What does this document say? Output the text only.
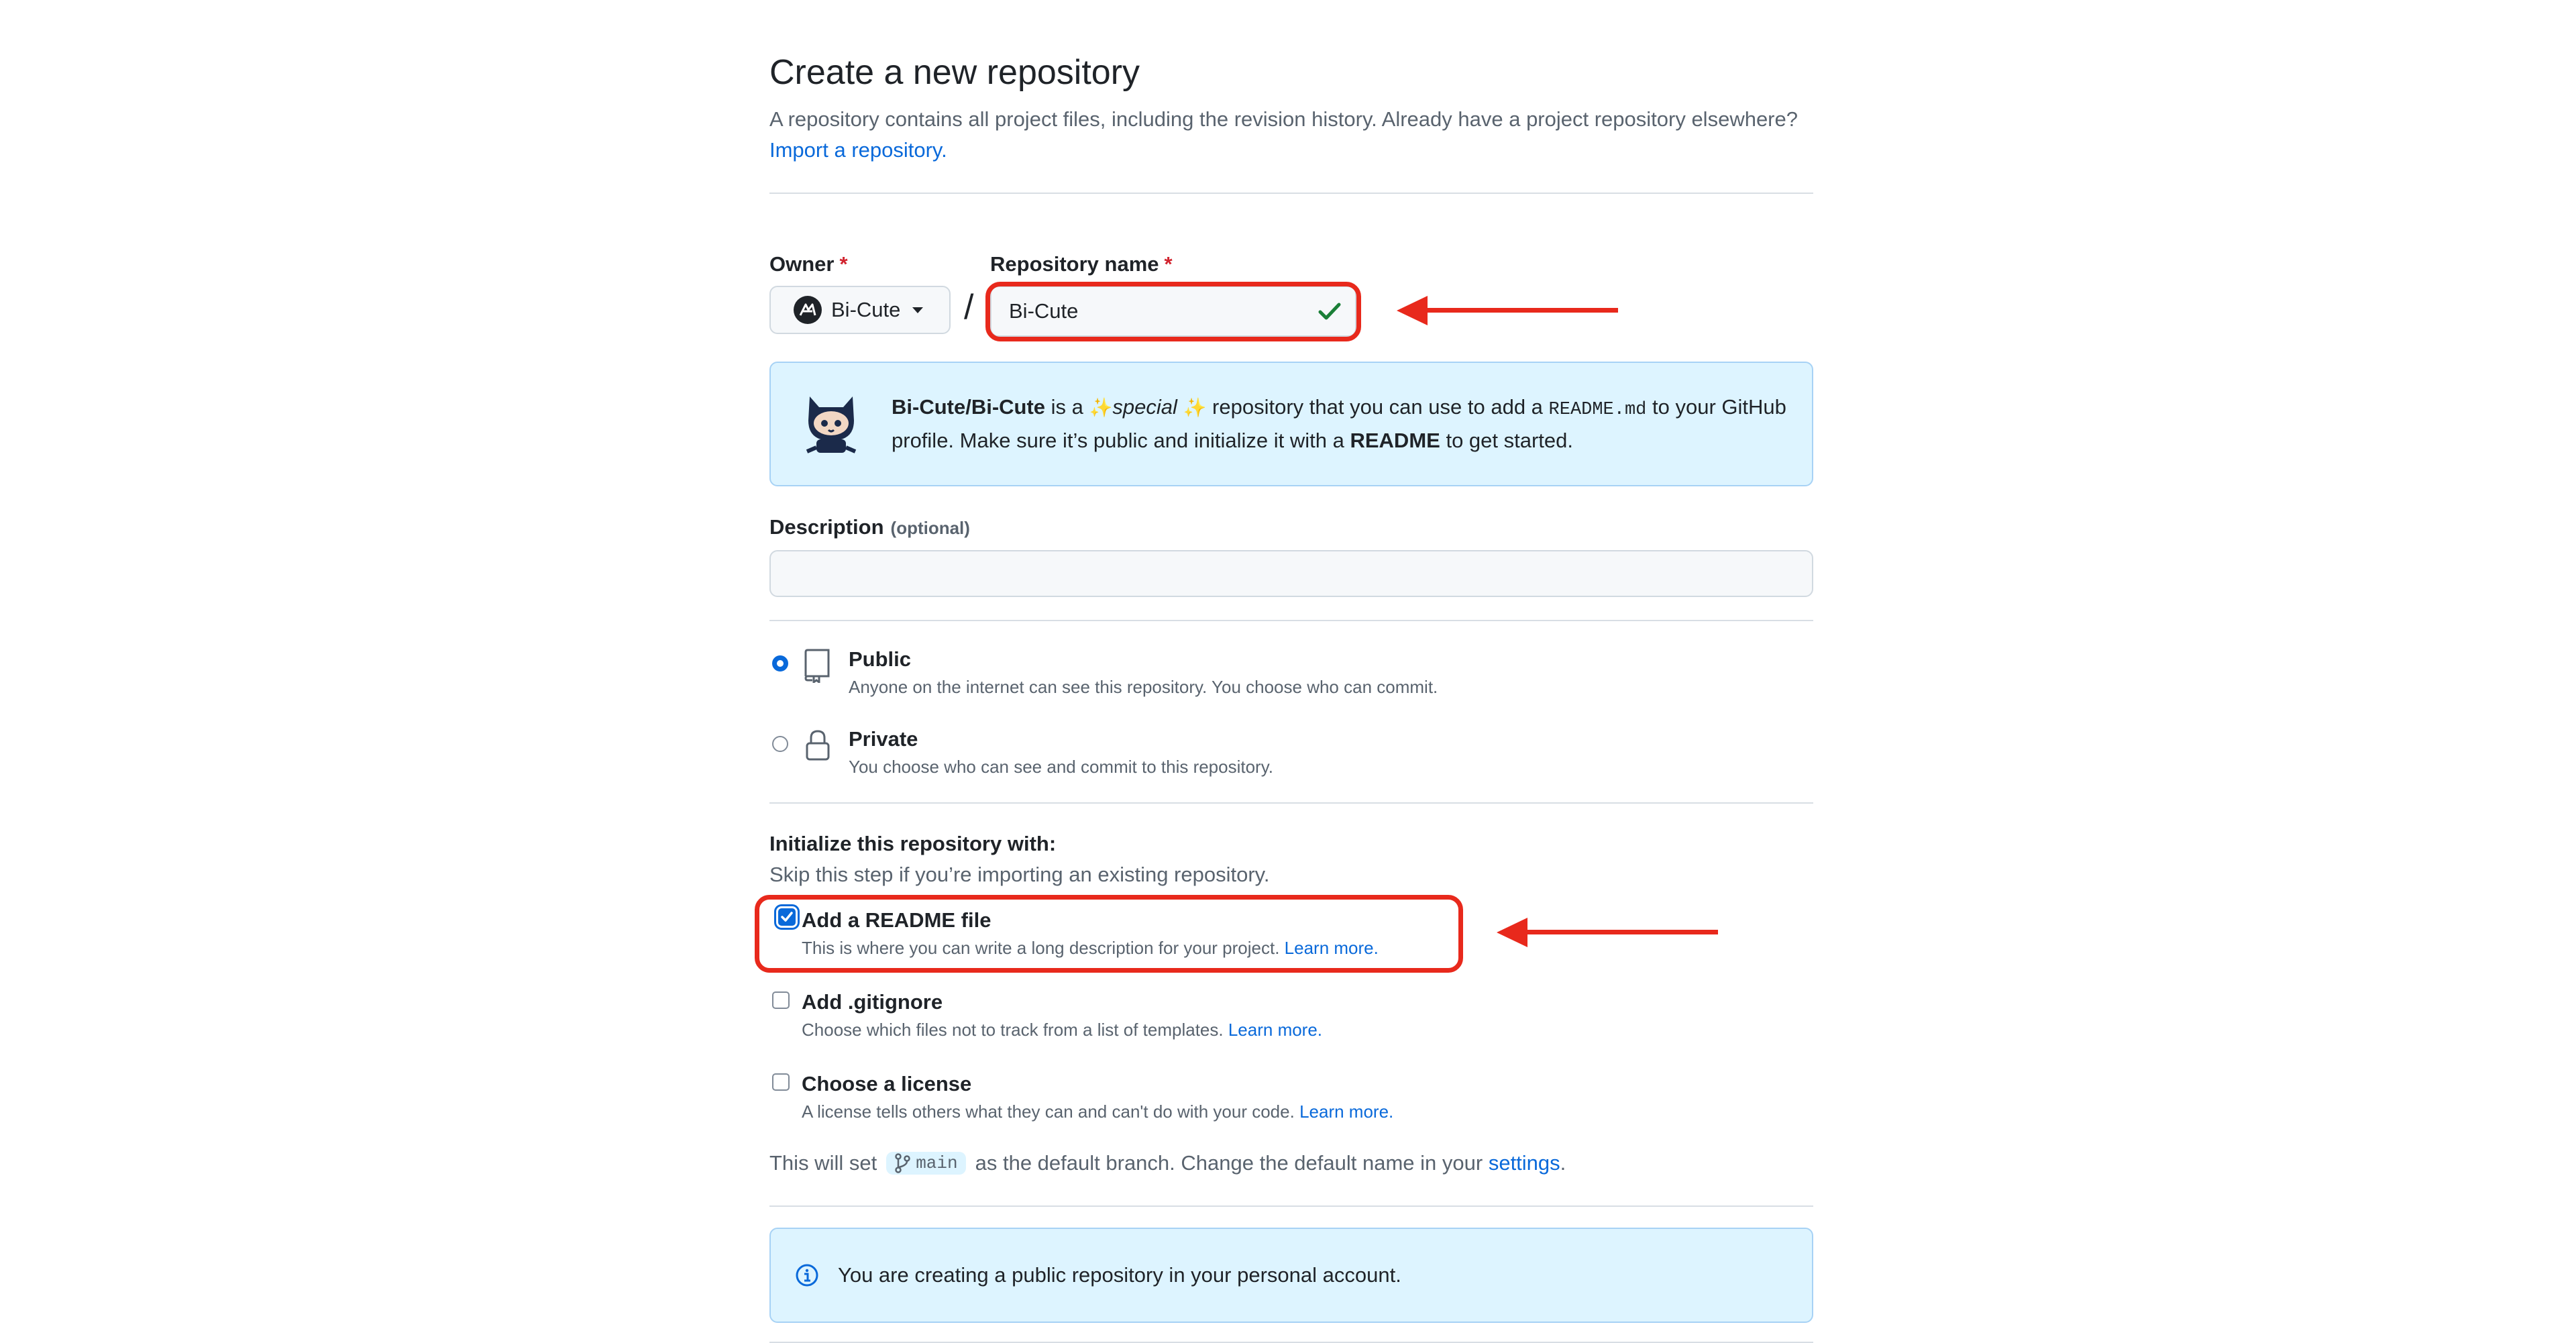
Create a new repository
A repository contains all project files, including the revision history. Already have a project repository elsewhere? Import a repository.
Owner *
Bi-Cute /
Repository name *
Bi-Cute
Bi-Cute/Bi-Cute is a ✨special ✨ repository that you can use to add a README.md to your GitHub profile. Make sure it’s public and initialize it with a README to get started.
Description (optional)
Public
Anyone on the internet can see this repository. You choose who can commit.
Private
You choose who can see and commit to this repository.
Initialize this repository with:
Skip this step if you’re importing an existing repository.
Add a README file
This is where you can write a long description for your project. Learn more.
Add .gitignore
Choose which files not to track from a list of templates. Learn more.
Choose a license
A license tells others what they can and can't do with your code. Learn more.
This will set main as the default branch. Change the default name in your
settings .
You are creating a public repository in your personal account.
